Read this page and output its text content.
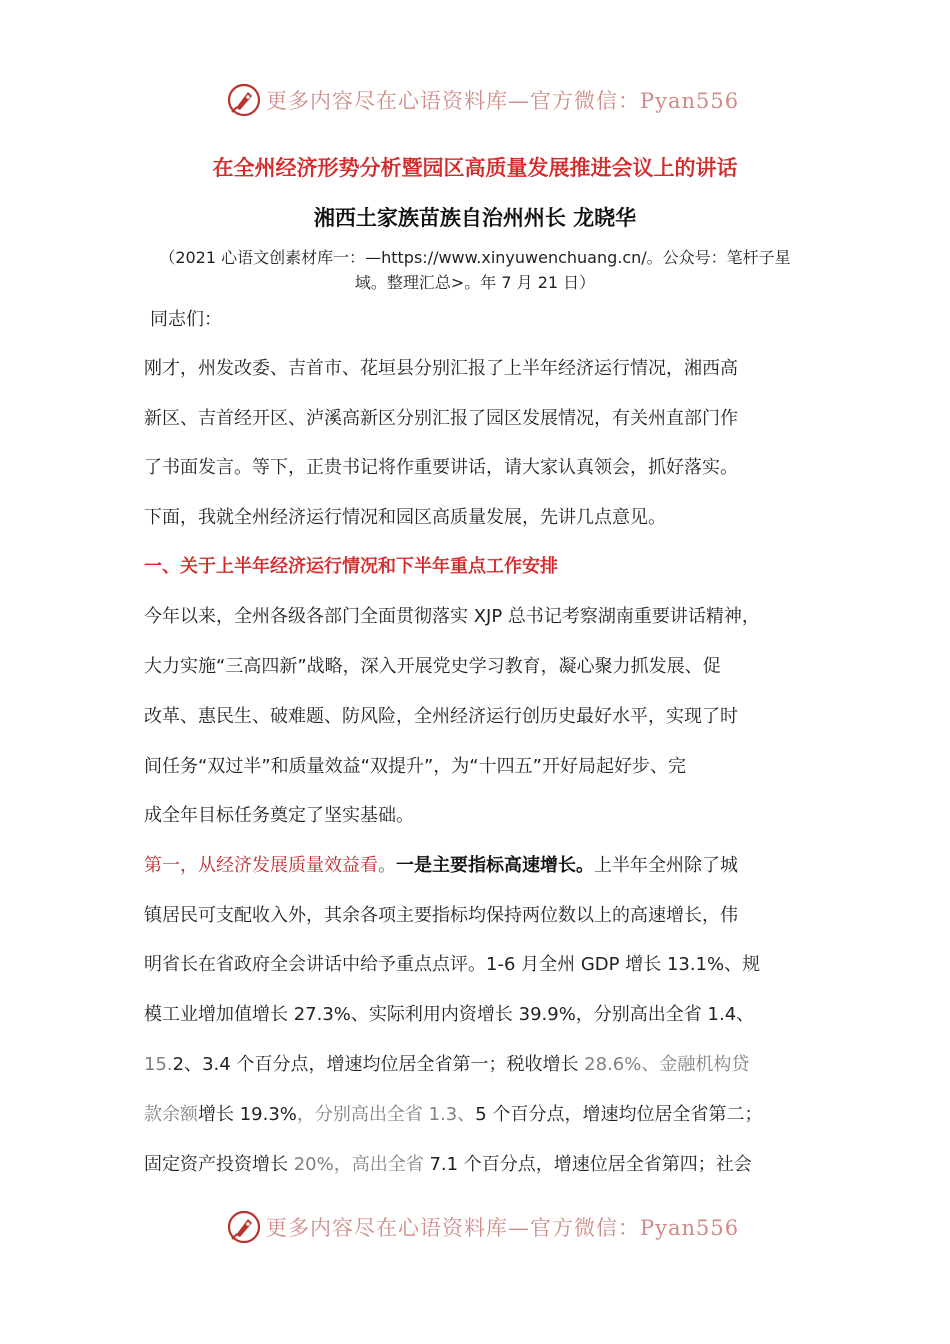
更多内容尽在心语资料库—官方微信：Pyan556
在全州经济形势分析暨园区高质量发展推进会议上的讲话
湘西土家族苗族自治州州长 龙晓华
（2021 心语文创素材库一：—https://www.xinyuwenchuang.cn/。公众号：笔杆子星域。整理汇总>。年 7 月 21 日）
同志们：
刚才，州发改委、吉首市、花垣县分别汇报了上半年经济运行情况，湘西高
新区、吉首经开区、泸溪高新区分别汇报了园区发展情况，有关州直部门作
了书面发言。等下，正贵书记将作重要讲话，请大家认真领会，抓好落实。
下面，我就全州经济运行情况和园区高质量发展，先讲几点意见。
一、关于上半年经济运行情况和下半年重点工作安排
今年以来，全州各级各部门全面贯彻落实 XJP 总书记考察湖南重要讲话精神，
大力实施“三高四新”战略，深入开展党史学习教育，凝心聚力抓发展、促
改革、惠民生、破难题、防风险，全州经济运行创历史最好水平，实现了时
间任务“双过半”和质量效益“双提升”，为“十四五”开好局起好步、完
成全年目标任务奠定了坚实基础。
第一，从经济发展质量效益看。一是主要指标高速增长。上半年全州除了城
镇居民可支配收入外，其余各项主要指标均保持两位数以上的高速增长，伟
明省长在省政府全会讲话中给予重点点评。1-6 月全州 GDP 增长 13.1%、规
模工业增加值增长 27.3%、实际利用内资增长 39.9%，分别高出全省 1.4、
15.2、3.4 个百分点，增速均位居全省第一；税收增长 28.6%、金融机构贷
款余额增长 19.3%，分别高出全省 1.3、5 个百分点，增速均位居全省第二；
固定资产投资增长 20%，高出全省 7.1 个百分点，增速位居全省第四；社会
更多内容尽在心语资料库—官方微信：Pyan556
